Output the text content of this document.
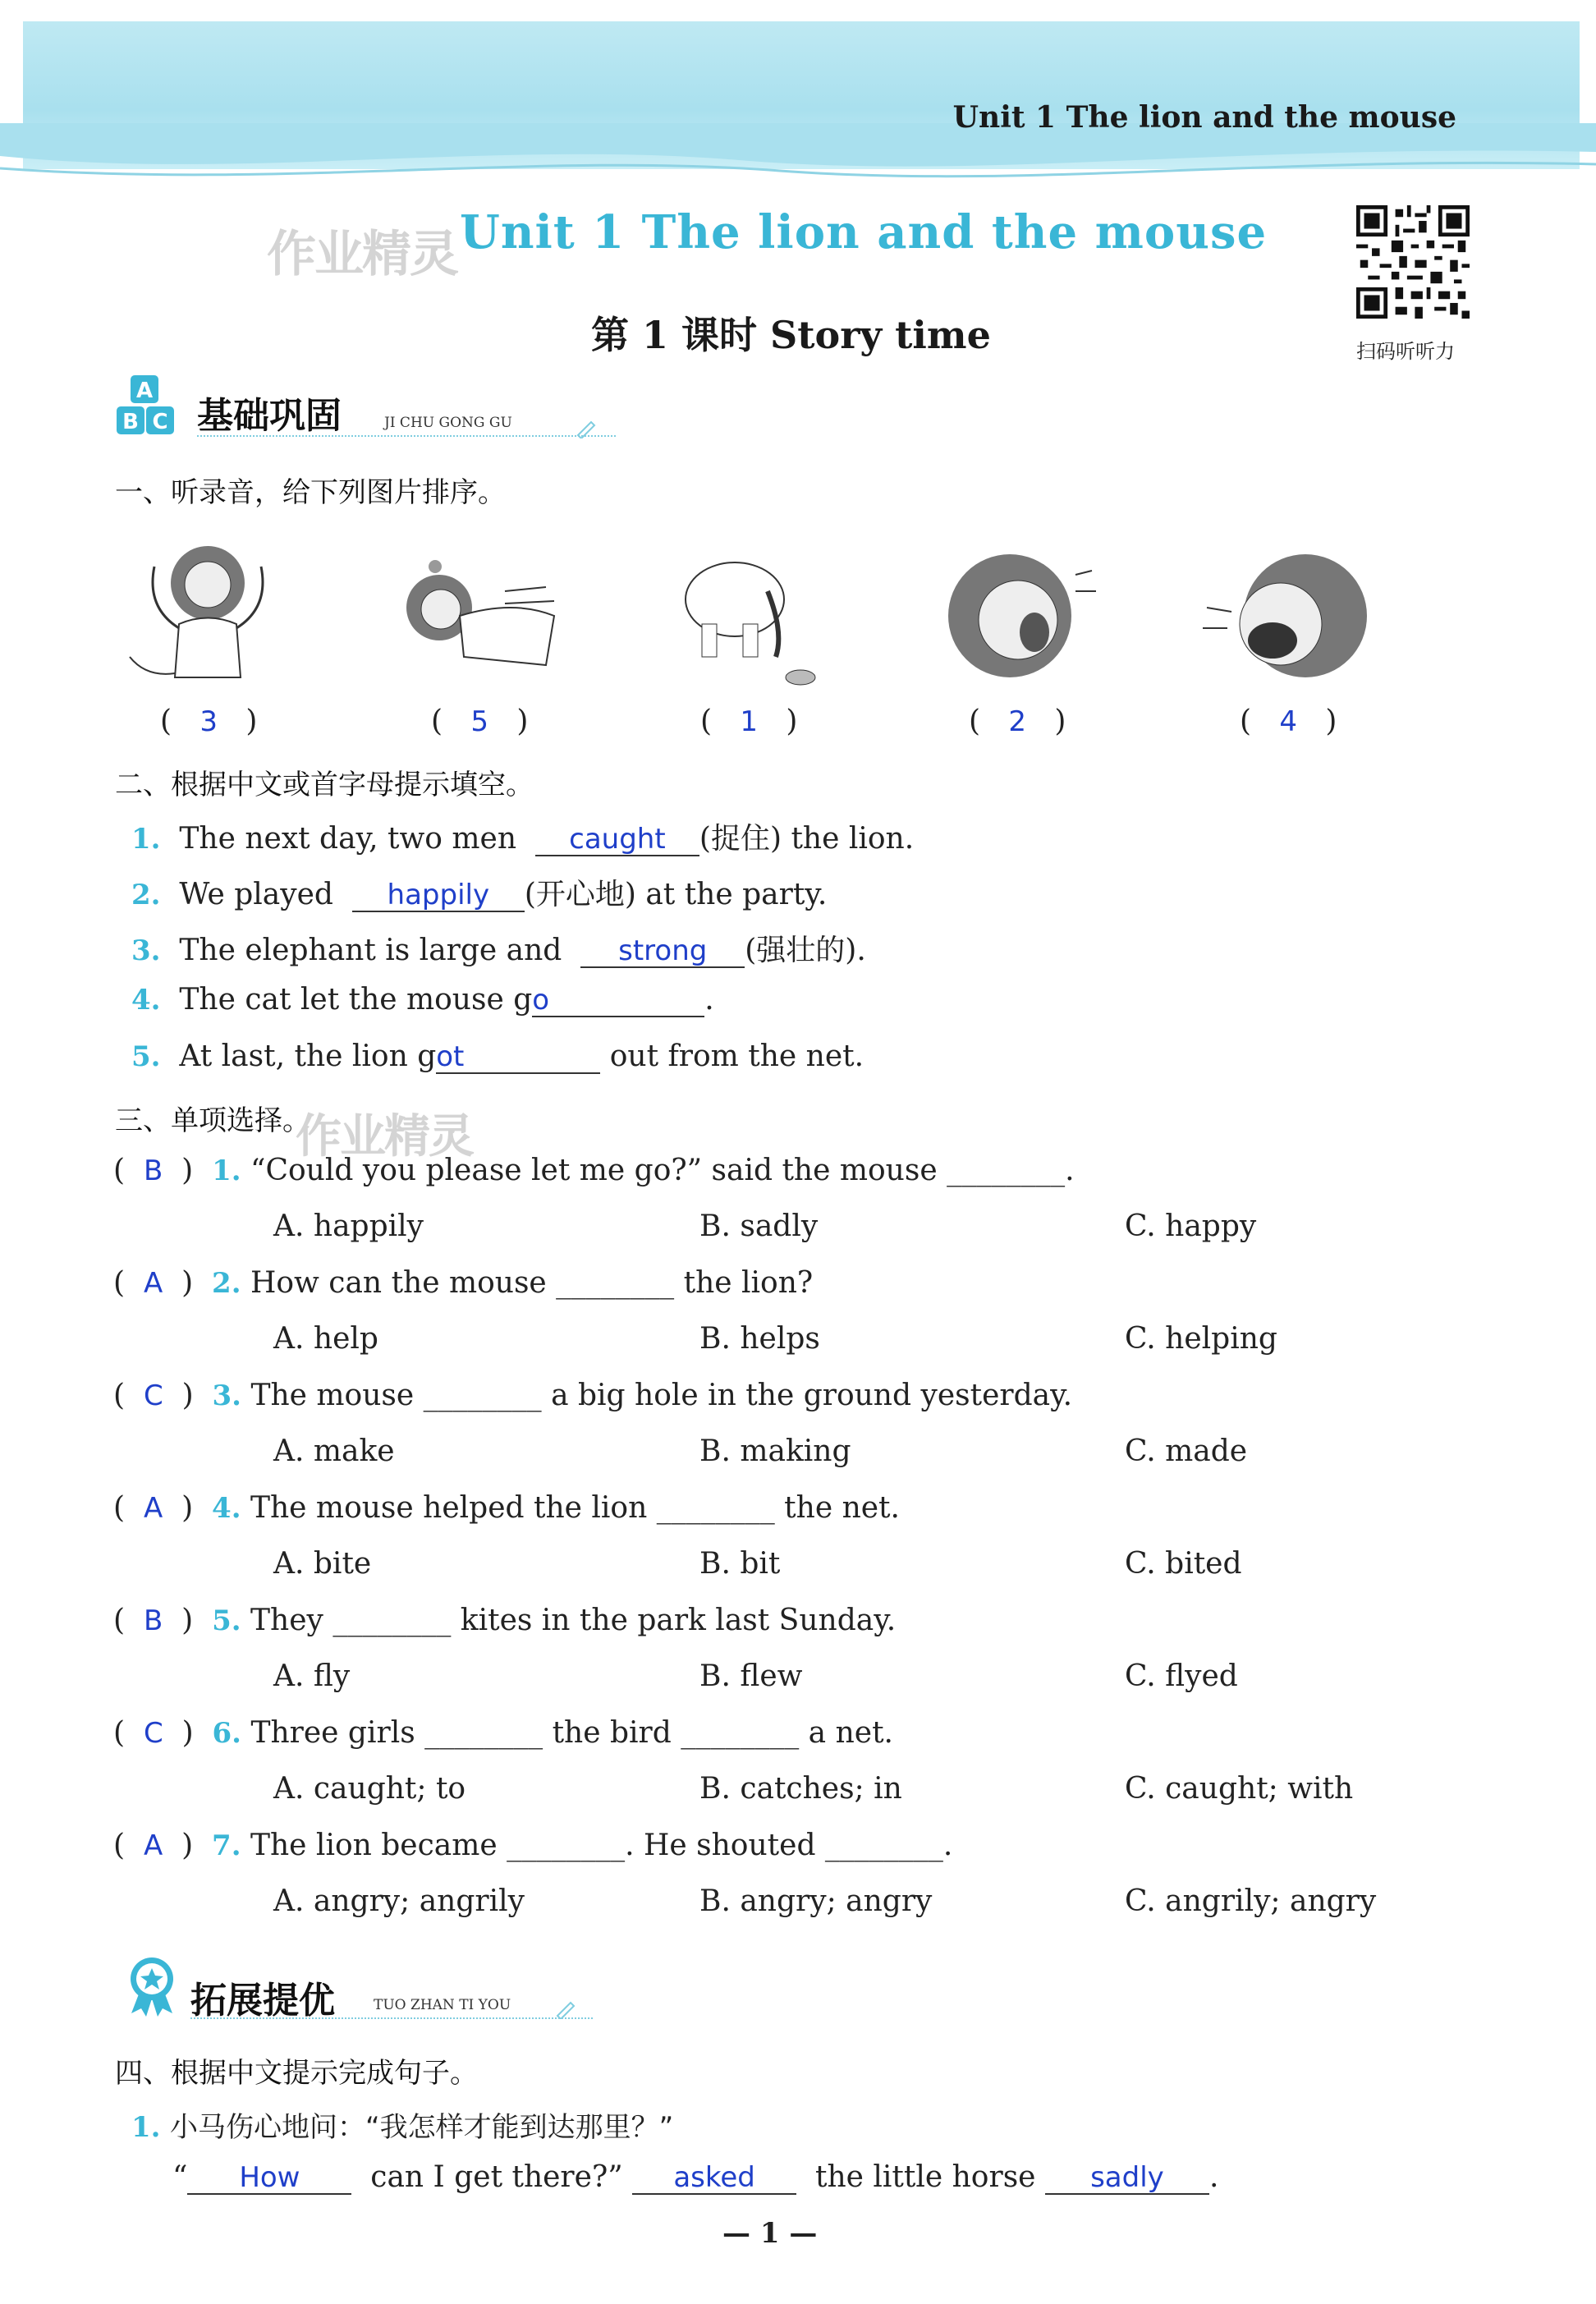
Unit 1 The lion and the mouse
作业精灵 Unit 1 The lion and the mouse
第 1 课时 Story time	扫码听听力
A
B C 基础巩固	JI CHU GONG GU
一、听录音，给下列图片排序。
(   3   )	(   5   )	(   1   )	(   2   )	(   4   )
二、根据中文或首字母提示填空。
1. The next day, two men caught (捉住) the lion.
2. We played happily (开心地) at the party.
3. The elephant is large and strong (强壮的).
4. The cat let the mouse go	.
5. At last, the lion got	out from the net.
三、单项选择。
作业精灵
(  B  ) 1. “Could you please let me go?” said the mouse ________.
A. happily	B. sadly	C. happy
(  A  ) 2. How can the mouse ________ the lion?
A. help	B. helps	C. helping
(  C  ) 3. The mouse ________ a big hole in the ground yesterday.
A. make	B. making	C. made
(  A  ) 4. The mouse helped the lion ________ the net.
A. bite	B. bit	C. bited
(  B  ) 5. They ________ kites in the park last Sunday.
A. fly	B. flew	C. flyed
(  C  ) 6. Three girls ________ the bird ________ a net.
A. caught; to	B. catches; in	C. caught; with
(  A  ) 7. The lion became ________. He shouted ________.
A. angry; angrily	B. angry; angry	C. angrily; angry
拓展提优	TUO ZHAN TI YOU
四、根据中文提示完成句子。
1. 小马伤心地问：“我怎样才能到达那里？”
“ How can I get there?” asked the little horse sadly .
— 1 —
